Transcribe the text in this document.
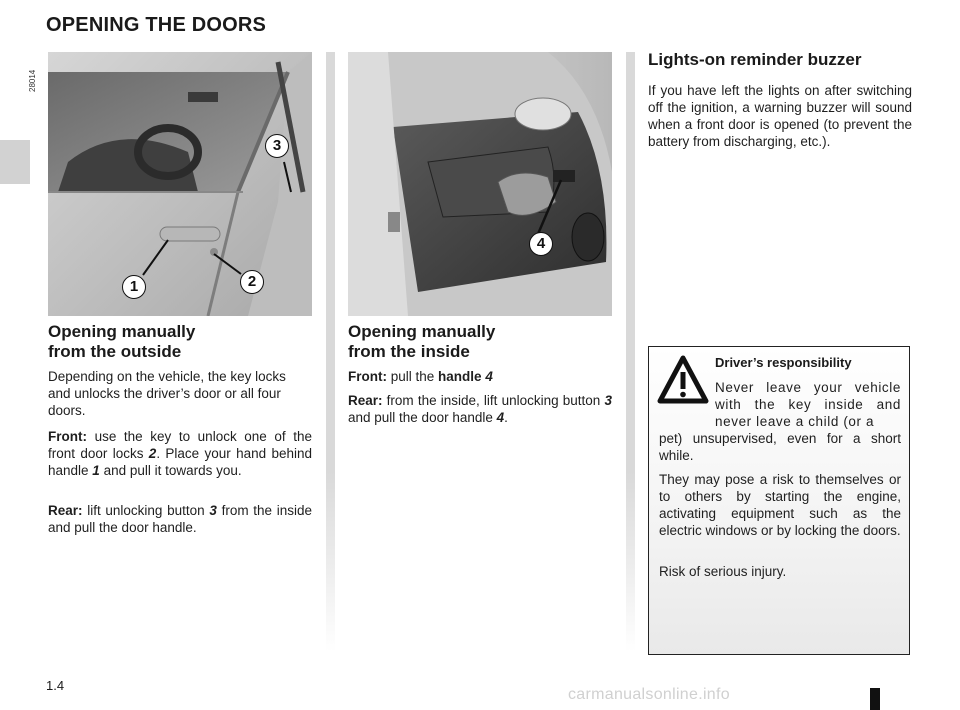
OPENING THE DOORS
28014
3
1	2
4
Opening manually
from the outside

Depending on the vehicle, the key locks and unlocks the driver’s door or all four doors.

Front: use the key to unlock one of the front door locks 2. Place your hand behind handle 1 and pull it towards you.

Rear: lift unlocking button 3 from the inside and pull the door handle.

Opening manually
from the inside

Front: pull the handle 4

Rear: from the inside, lift unlocking button 3 and pull the door handle 4.

Lights-on reminder buzzer

If you have left the lights on after switching off the ignition, a warning buzzer will sound when a front door is opened (to prevent the battery from discharging, etc.).

Driver’s responsibility

Never leave your vehicle with the key inside and never leave a child (or a

pet) unsupervised, even for a short while.

They may pose a risk to themselves or to others by starting the engine, activating equipment such as the electric windows or by locking the doors.

Risk of serious injury.

1.4
carmanualsonline.info
